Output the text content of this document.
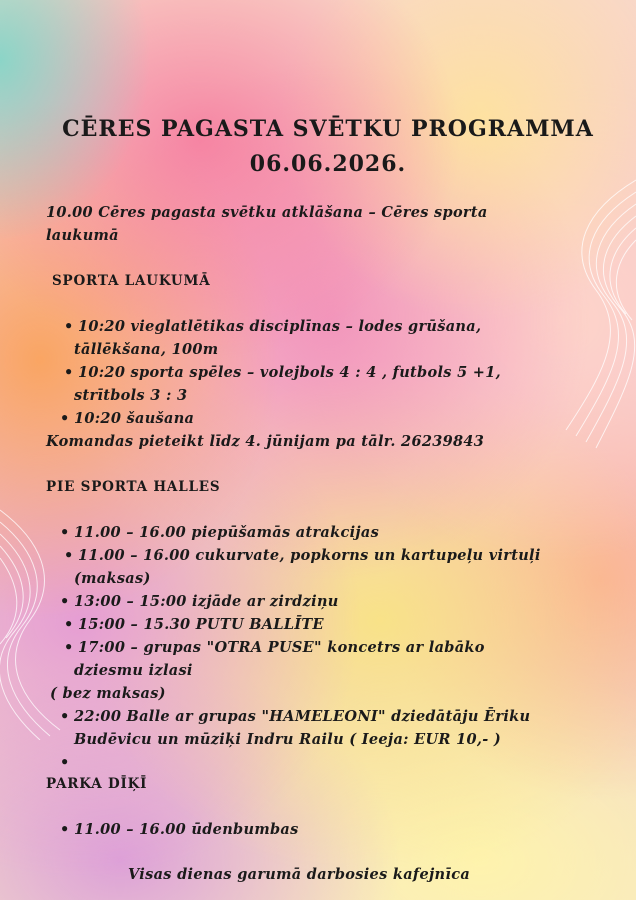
CĒRES PAGASTA SVĒTKU PROGRAMMA
06.06.2026.
10.00 Cēres pagasta svētku atklāšana – Cēres sporta
laukumā
SPORTA LAUKUMĀ
• 10:20 vieglatlētikas disciplīnas – lodes grūšana,
tāllēkšana, 100m
• 10:20 sporta spēles – volejbols 4 : 4 , futbols 5 +1,
strītbols 3 : 3
• 10:20 šaušana
Komandas pieteikt līdz 4. jūnijam pa tālr. 26239843
PIE SPORTA HALLES
• 11.00 – 16.00 piepūšamās atrakcijas
• 11.00 – 16.00 cukurvate, popkorns un kartupeļu virtuļi
(maksas)
• 13:00 – 15:00 izjāde ar zirdziņu
• 15:00 – 15.30 PUTU BALLĪTE
• 17:00 – grupas "OTRA PUSE" koncetrs ar labāko
dziesmu izlasi
( bez maksas)
• 22:00 Balle ar grupas "HAMELEONI" dziedātāju Ēriku
Budēvicu un mūziķi Indru Railu ( Ieeja: EUR 10,- )
PARKA DĪĶĪ
• 11.00 – 16.00 ūdenbumbas
Visas dienas garumā darbosies kafejnīca
